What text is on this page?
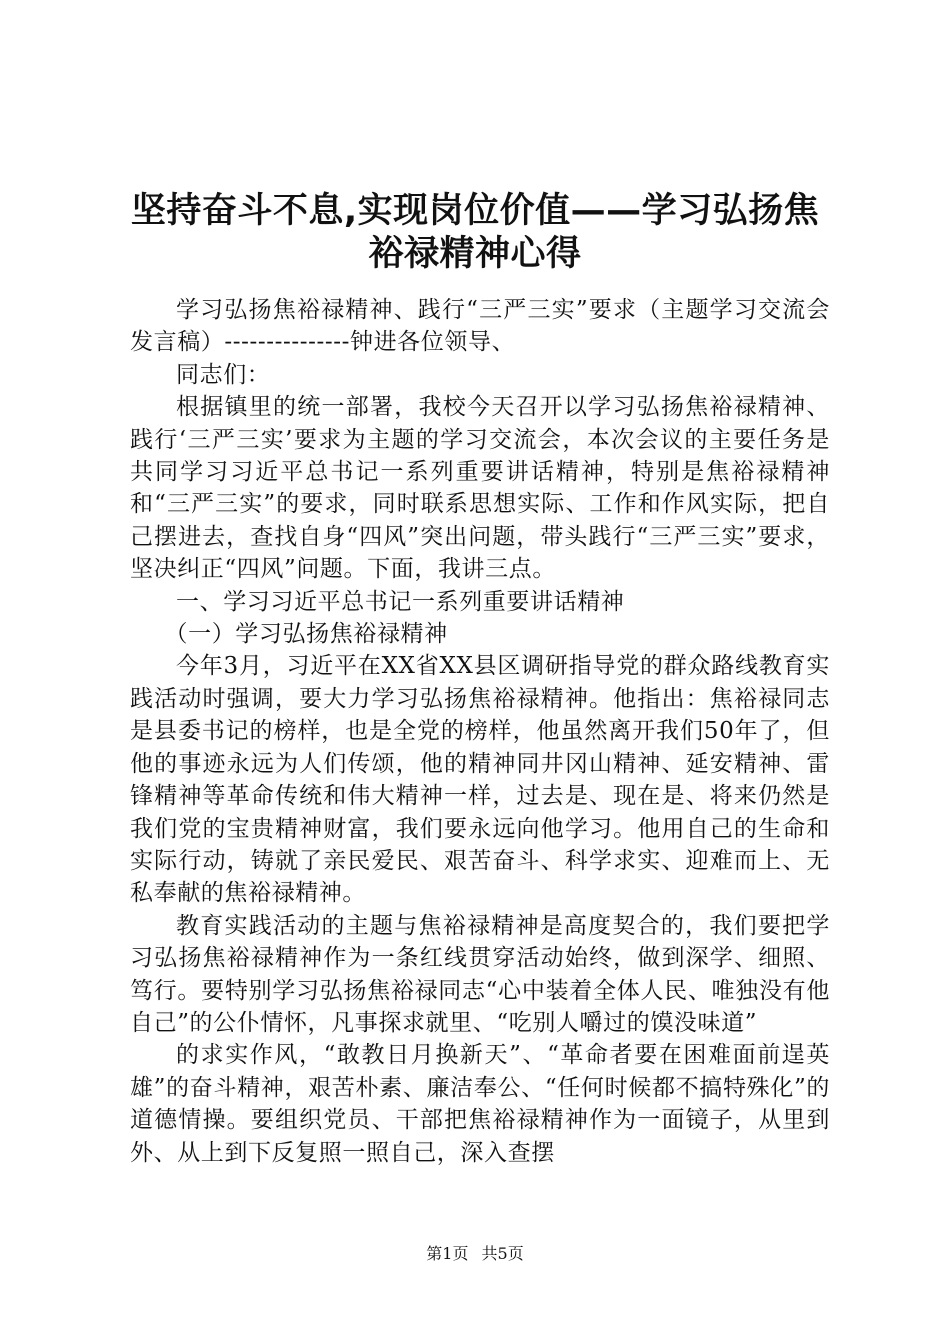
坚持奋斗不息,实现岗位价值——学习弘扬焦
裕禄精神心得

学习弘扬焦裕禄精神、践行“三严三实”要求（主题学习交流会发言稿）---------------钟进各位领导、

同志们：

根据镇里的统一部署，我校今天召开以学习弘扬焦裕禄精神、践行‘三严三实’要求为主题的学习交流会，本次会议的主要任务是共同学习习近平总书记一系列重要讲话精神，特别是焦裕禄精神和“三严三实”的要求，同时联系思想实际、工作和作风实际，把自己摆进去，查找自身“四风”突出问题，带头践行“三严三实”要求，坚决纠正“四风”问题。下面，我讲三点。

一、学习习近平总书记一系列重要讲话精神

（一）学习弘扬焦裕禄精神

今年3月，习近平在XX省XX县区调研指导党的群众路线教育实践活动时强调，要大力学习弘扬焦裕禄精神。他指出：焦裕禄同志是县委书记的榜样，也是全党的榜样，他虽然离开我们50年了，但他的事迹永远为人们传颂，他的精神同井冈山精神、延安精神、雷锋精神等革命传统和伟大精神一样，过去是、现在是、将来仍然是我们党的宝贵精神财富，我们要永远向他学习。他用自己的生命和实际行动，铸就了亲民爱民、艰苦奋斗、科学求实、迎难而上、无私奉献的焦裕禄精神。

教育实践活动的主题与焦裕禄精神是高度契合的，我们要把学习弘扬焦裕禄精神作为一条红线贯穿活动始终，做到深学、细照、笃行。要特别学习弘扬焦裕禄同志“心中装着全体人民、唯独没有他自己”的公仆情怀，凡事探求就里、“吃别人嚼过的馍没味道”

的求实作风，“敢教日月换新天”、“革命者要在困难面前逞英雄”的奋斗精神，艰苦朴素、廉洁奉公、“任何时候都不搞特殊化”的道德情操。要组织党员、干部把焦裕禄精神作为一面镜子，从里到外、从上到下反复照一照自己，深入查摆

第1页 共5页
